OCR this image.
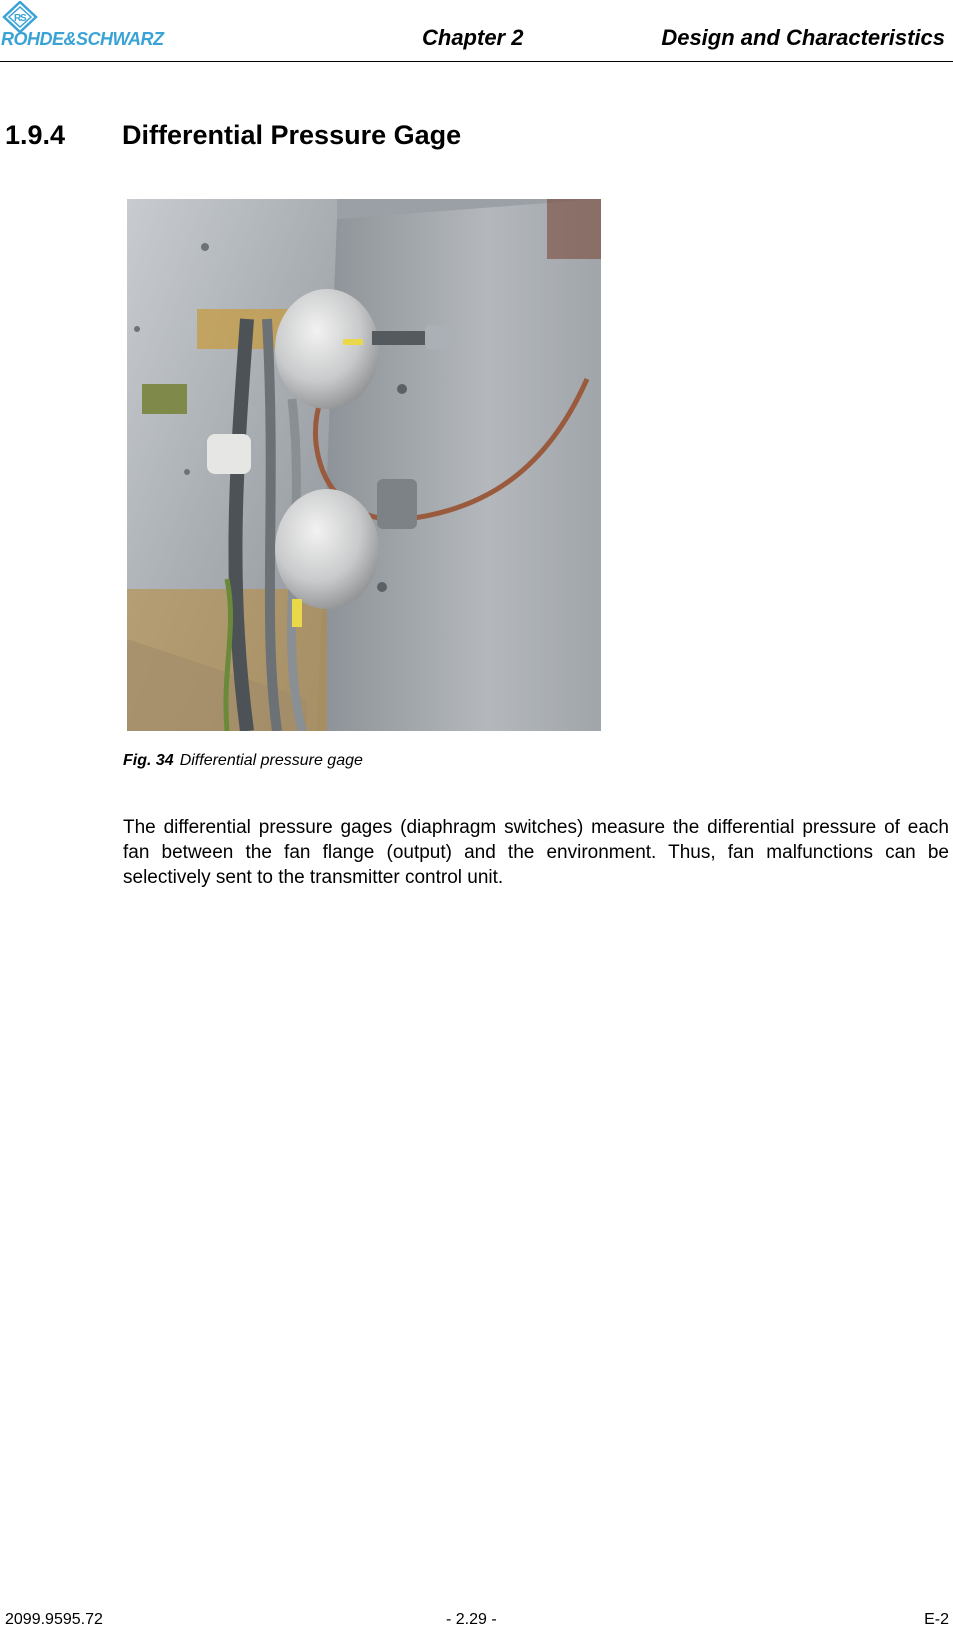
R
S
ROHDE&SCHWARZ	Chapter 2	Design and Characteristics
1.9.4 Differential Pressure Gage
Fig. 34 Differential pressure gage
The differential pressure gages (diaphragm switches) measure the differential pressure of each fan between the fan flange (output) and the environment. Thus, fan malfunctions can be selectively sent to the transmitter control unit.
2099.9595.72	- 2.29 -	E-2
